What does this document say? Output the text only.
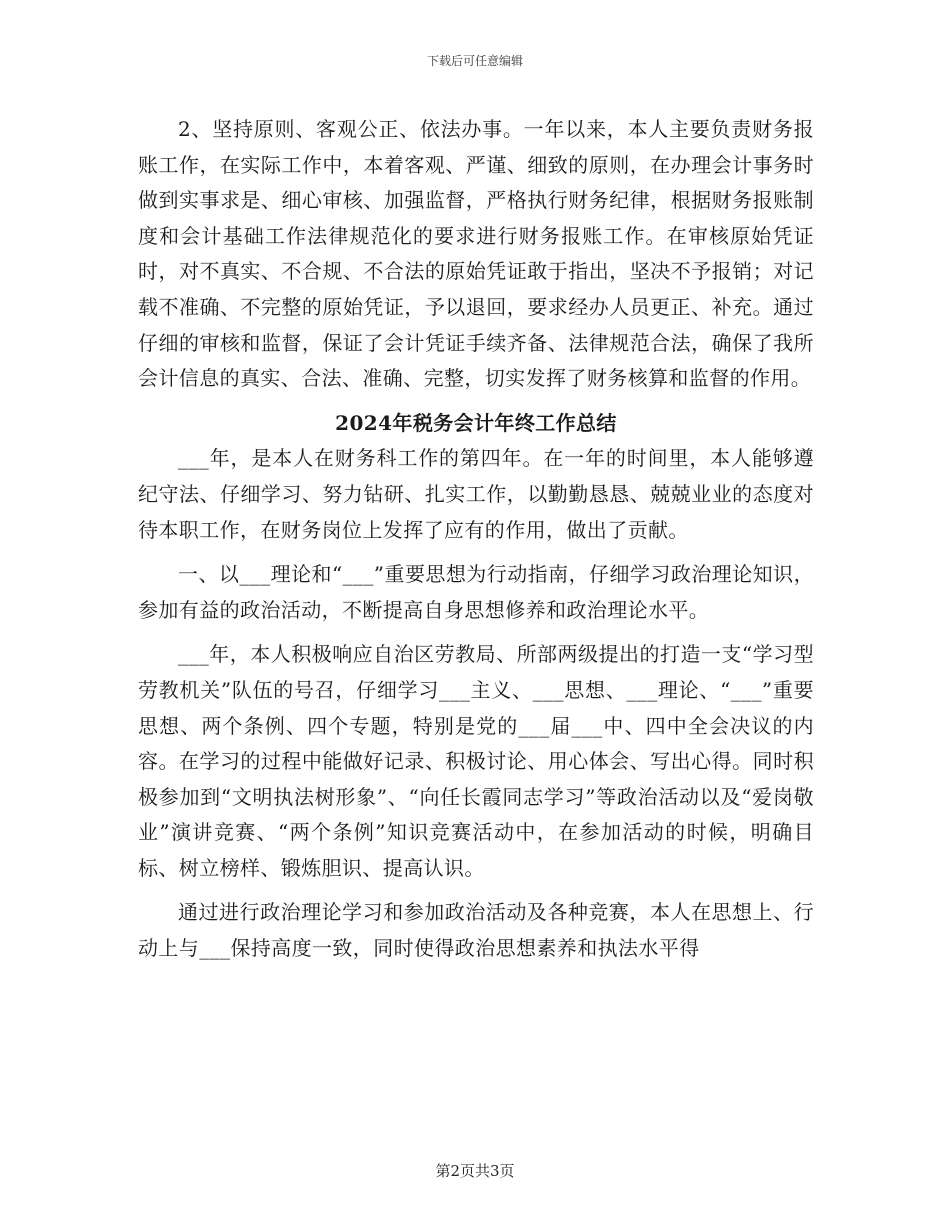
下载后可任意编辑

2、坚持原则、客观公正、依法办事。一年以来，本人主要负责财务报账工作，在实际工作中，本着客观、严谨、细致的原则，在办理会计事务时做到实事求是、细心审核、加强监督，严格执行财务纪律，根据财务报账制度和会计基础工作法律规范化的要求进行财务报账工作。在审核原始凭证时，对不真实、不合规、不合法的原始凭证敢于指出，坚决不予报销；对记载不准确、不完整的原始凭证，予以退回，要求经办人员更正、补充。通过仔细的审核和监督，保证了会计凭证手续齐备、法律规范合法，确保了我所会计信息的真实、合法、准确、完整，切实发挥了财务核算和监督的作用。

2024年税务会计年终工作总结

___年，是本人在财务科工作的第四年。在一年的时间里，本人能够遵纪守法、仔细学习、努力钻研、扎实工作，以勤勤恳恳、兢兢业业的态度对待本职工作，在财务岗位上发挥了应有的作用，做出了贡献。

一、以___理论和“___”重要思想为行动指南，仔细学习政治理论知识，参加有益的政治活动，不断提高自身思想修养和政治理论水平。

___年，本人积极响应自治区劳教局、所部两级提出的打造一支“学习型劳教机关”队伍的号召，仔细学习___主义、___思想、___理论、“___”重要思想、两个条例、四个专题，特别是党的___届___中、四中全会决议的内容。在学习的过程中能做好记录、积极讨论、用心体会、写出心得。同时积极参加到“文明执法树形象”、“向任长霞同志学习”等政治活动以及“爱岗敬业”演讲竞赛、“两个条例”知识竞赛活动中，在参加活动的时候，明确目标、树立榜样、锻炼胆识、提高认识。

通过进行政治理论学习和参加政治活动及各种竞赛，本人在思想上、行动上与___保持高度一致，同时使得政治思想素养和执法水平得

第2页共3页
